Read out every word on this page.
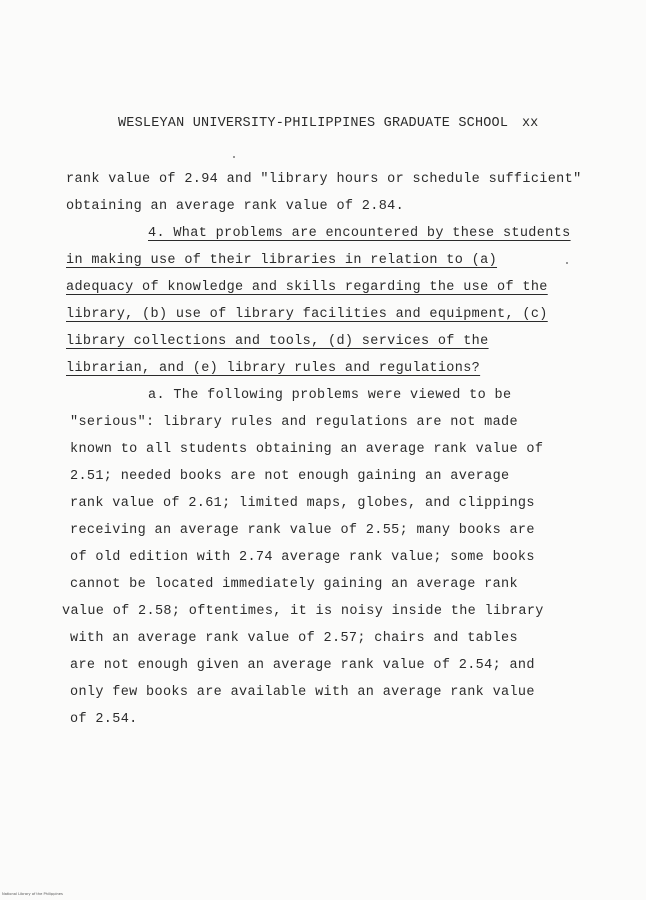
WESLEYAN UNIVERSITY-PHILIPPINES GRADUATE SCHOOL xx
rank value of 2.94 and "library hours or schedule sufficient"
obtaining an average rank value of 2.84.
4. What problems are encountered by these students
in making use of their libraries in relation to (a)
adequacy of knowledge and skills regarding the use of the
library, (b) use of library facilities and equipment, (c)
library collections and tools, (d) services of the
librarian, and (e) library rules and regulations?
a. The following problems were viewed to be
"serious": library rules and regulations are not made
known to all students obtaining an average rank value of
2.51; needed books are not enough gaining an average
rank value of 2.61; limited maps, globes, and clippings
receiving an average rank value of 2.55; many books are
of old edition with 2.74 average rank value; some books
cannot be located immediately gaining an average rank
value of 2.58; oftentimes, it is noisy inside the library
with an average rank value of 2.57; chairs and tables
are not enough given an average rank value of 2.54; and
only few books are available with an average rank value
of 2.54.
National Library of the Philippines
